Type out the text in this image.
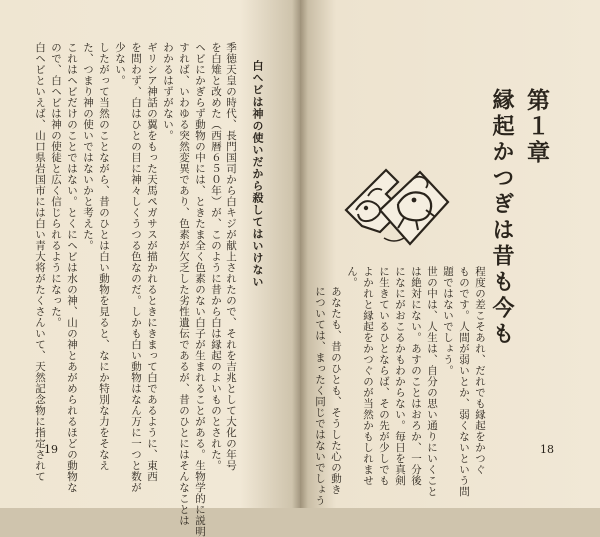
白ヘビは神の使いだから殺してはいけない
季徳天皇の時代、長門国司から白キジが献上されたので、それを吉兆として大化の年号
を白雉と改めた（西暦６５０年）が、このように昔から白は縁起のよいものとされた。
ヘビにかぎらず動物の中には、ときたま全く色素のない白子が生まれることがある。生物学的に説明
すれば、いわゆる突然変異であり、色素が欠乏した劣性遺伝であるが、昔のひとにはそんなことは
わかるはずがない。
ギリシア神話の翼をもった天馬ペガサスが描かれるときにきまって白であるように、東西
を問わず、白はひとの目に神々しくうつる色なのだ。しかも白い動物はなん万に一つと数が
少ない。
したがって当然のことながら、昔のひとは白い動物を見ると、なにか特別な力をそなえ
た、つまり神の使いではないかと考えた。
これはヘビだけのことではない。とくにヘビは水の神、山の神とあがめられるほどの動物な
ので、白ヘビは神の使徒と広く信じられるようになった。
白ヘビといえば、山口県岩国市には白い青大将がたくさんいて、天然記念物に指定されて
19
第１章
縁起かつぎは昔も今も
程度の差こそあれ、だれでも縁起をかつぐ
ものです。人間が弱いとか、弱くないという問
題ではないでしょう。
世の中は、人生は、自分の思い通りにいくこと
は絶対にない。あすのことはおろか、一分後
になにがおこるかもわからない。毎日を真剣
に生きているひとならば、その先が少しでも
よかれと縁起をかつぐのが当然かもしれませ
ん。
あなたも、昔のひとも、そうした心の動き
については、まったく同じではないでしょう	18
